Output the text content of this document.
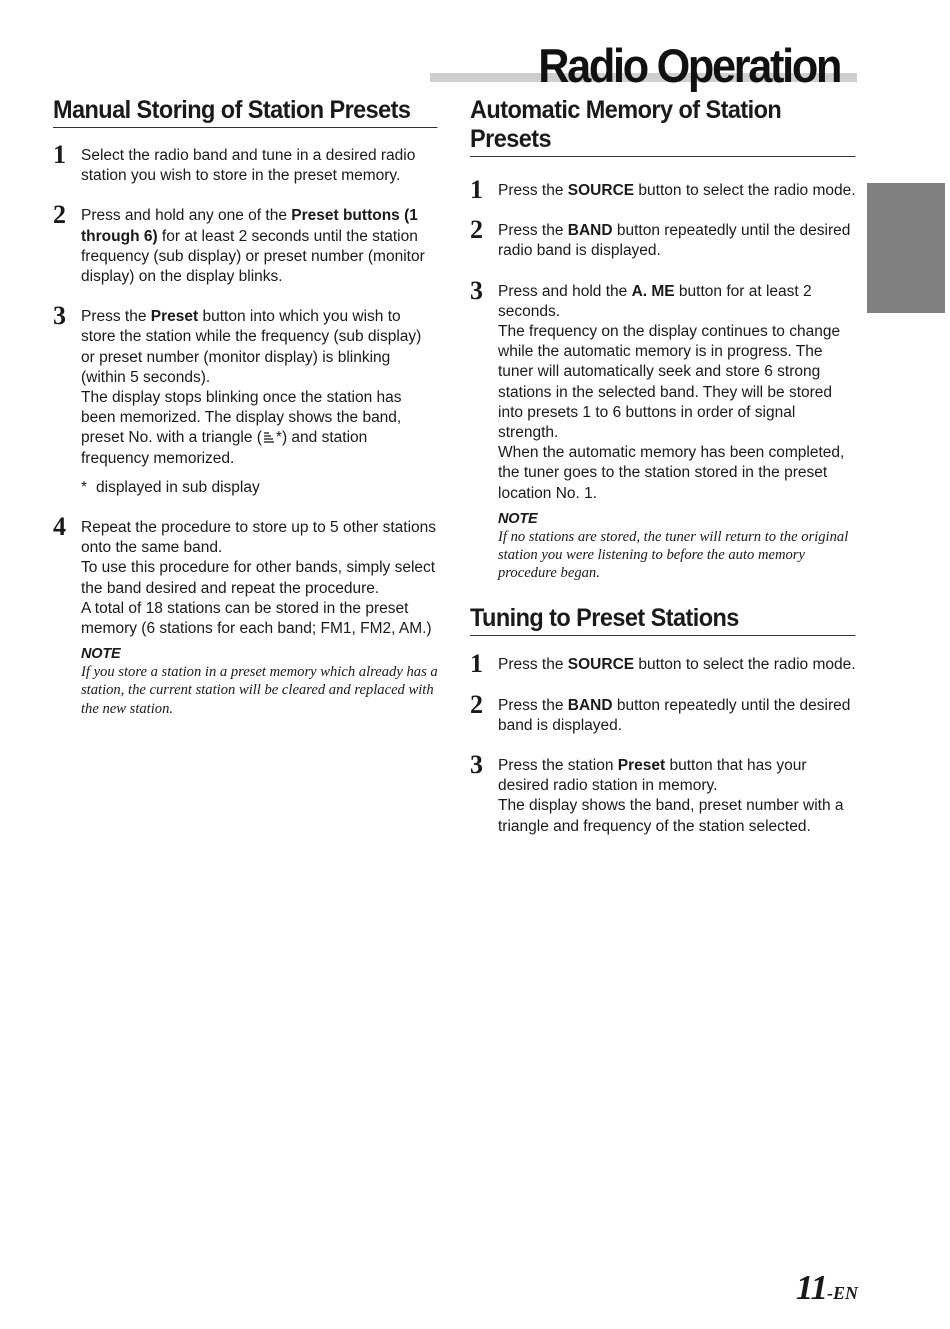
Radio Operation
Manual Storing of Station Presets
1 Select the radio band and tune in a desired radio station you wish to store in the preset memory.

2 Press and hold any one of the Preset buttons (1 through 6) for at least 2 seconds until the station frequency (sub display) or preset number (monitor display) on the display blinks.

3 Press the Preset button into which you wish to store the station while the frequency (sub display) or preset number (monitor display) is blinking (within 5 seconds).

The display stops blinking once the station has been memorized. The display shows the band, preset No. with a triangle ( *) and station frequency memorized.

* displayed in sub display

4 Repeat the procedure to store up to 5 other stations onto the same band.

To use this procedure for other bands, simply select the band desired and repeat the procedure.

A total of 18 stations can be stored in the preset memory (6 stations for each band; FM1, FM2, AM.)

NOTE

If you store a station in a preset memory which already has a station, the current station will be cleared and replaced with the new station.

Automatic Memory of Station
Presets
1 Press the SOURCE button to select the radio mode.

2 Press the BAND button repeatedly until the desired radio band is displayed.

3 Press and hold the A. ME button for at least 2 seconds.

The frequency on the display continues to change while the automatic memory is in progress. The tuner will automatically seek and store 6 strong stations in the selected band. They will be stored into presets 1 to 6 buttons in order of signal strength.

When the automatic memory has been completed, the tuner goes to the station stored in the preset location No. 1.

NOTE

If no stations are stored, the tuner will return to the original station you were listening to before the auto memory procedure began.

Tuning to Preset Stations
1 Press the SOURCE button to select the radio mode.

2 Press the BAND button repeatedly until the desired band is displayed.

3 Press the station Preset button that has your desired radio station in memory.

The display shows the band, preset number with a triangle and frequency of the station selected.

11-EN
